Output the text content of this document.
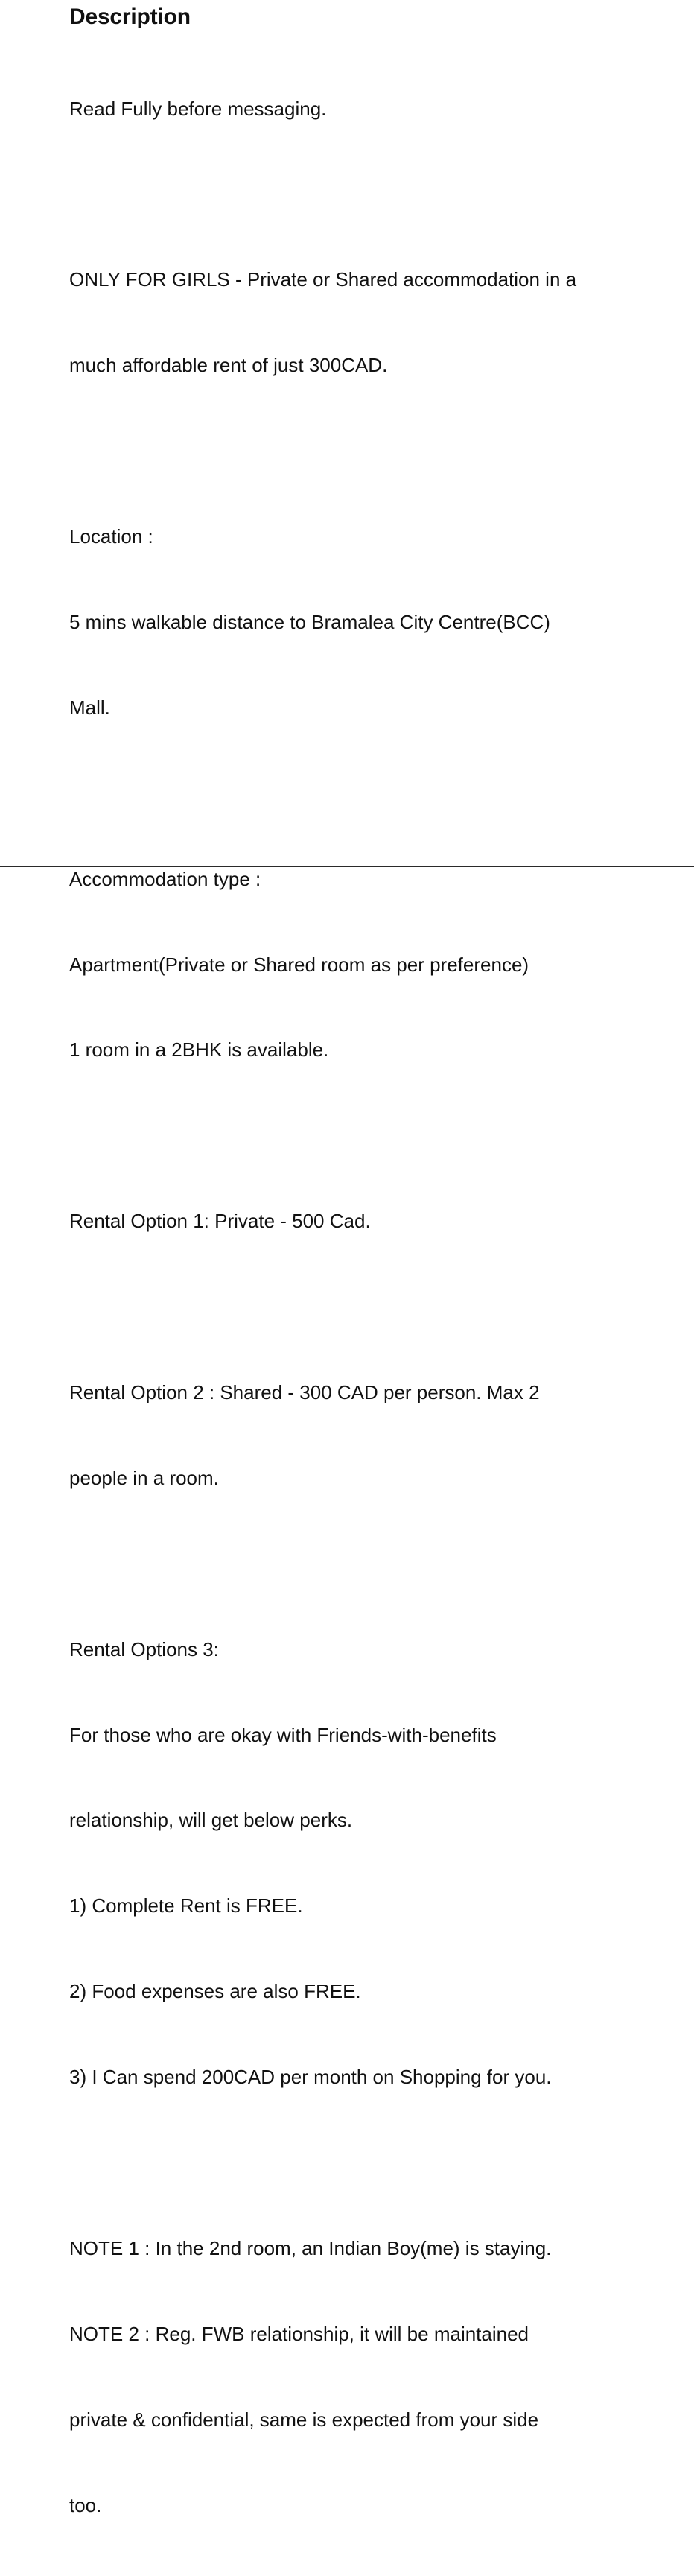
Description

Read Fully before messaging.

ONLY FOR GIRLS - Private or Shared accommodation in a

much affordable rent of just 300CAD.

Location :

5 mins walkable distance to Bramalea City Centre(BCC)

Mall.

Accommodation type :

Apartment(Private or Shared room as per preference)

1 room in a 2BHK is available.

Rental Option 1: Private - 500 Cad.

Rental Option 2 : Shared - 300 CAD per person. Max 2

people in a room.

Rental Options 3:

For those who are okay with Friends-with-benefits

relationship, will get below perks.

1) Complete Rent is FREE.

2) Food expenses are also FREE.

3) I Can spend 200CAD per month on Shopping for you.

NOTE 1 : In the 2nd room, an Indian Boy(me) is staying.

NOTE 2 : Reg. FWB relationship, it will be maintained

private & confidential, same is expected from your side

too.
